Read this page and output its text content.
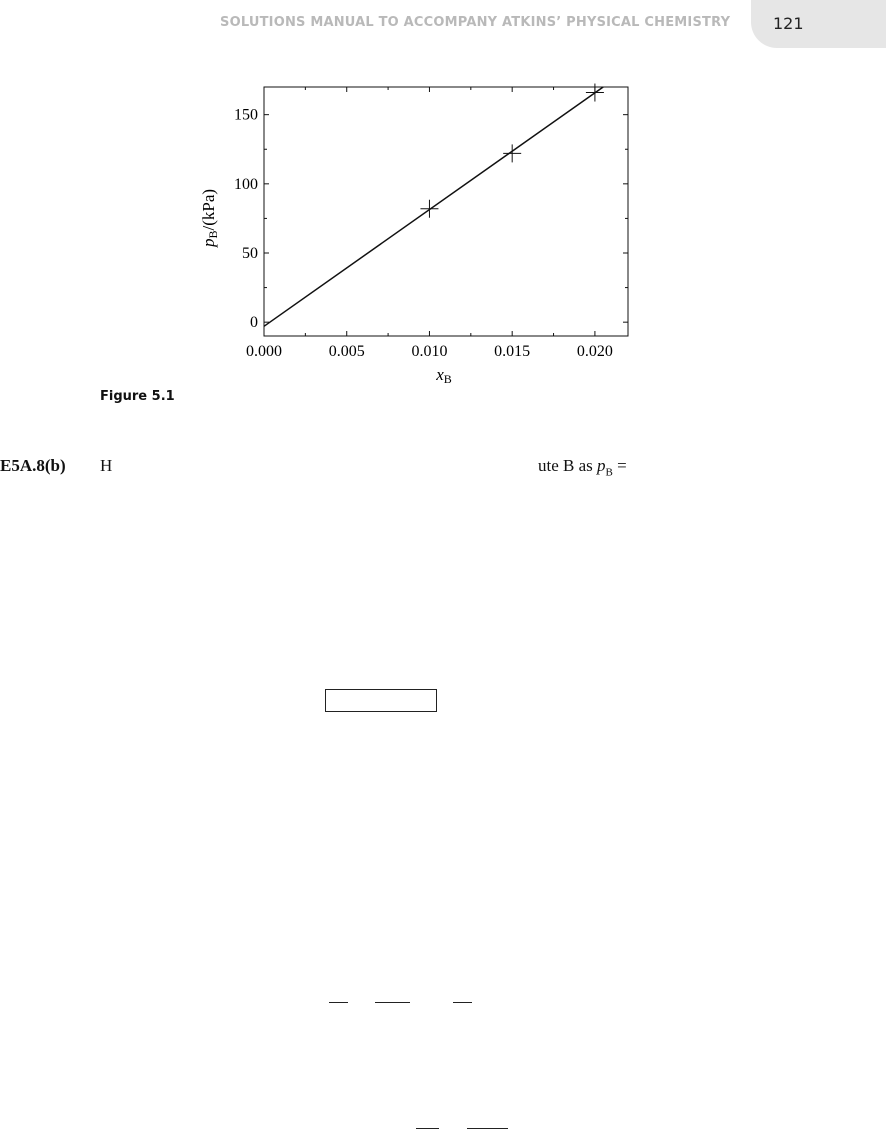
SOLUTIONS MANUAL TO ACCOMPANY ATKINS’ PHYSICAL CHEMISTRY	121
0.000	0.005	0.010	0.015	0.020
0
50
100
150
pB/(kPa)
xB
Figure 5.1
E5A.8(b) H	ute B as $p_B$ =
